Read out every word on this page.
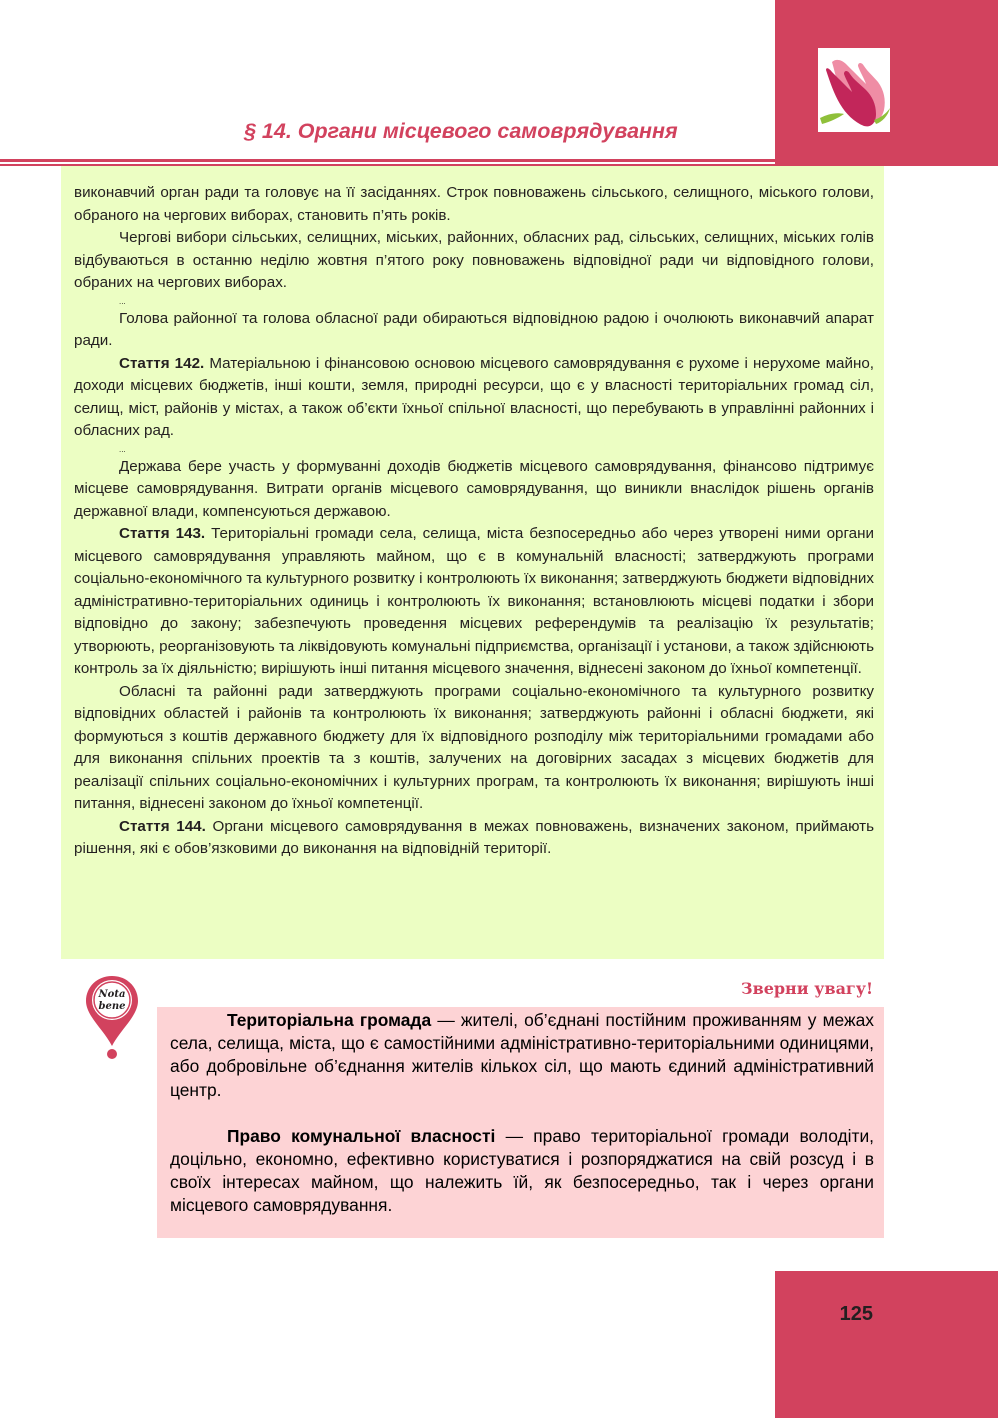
§ 14. Органи місцевого самоврядування

виконавчий орган ради та головує на її засіданнях. Строк повноважень сільського, селищного, міського голови, обраного на чергових виборах, становить п’ять років.

Чергові вибори сільських, селищних, міських, районних, обласних рад, сільських, селищних, міських голів відбуваються в останню неділю жовтня п’ятого року повноважень відповідної ради чи відповідного голови, обраних на чергових виборах.

...

Голова районної та голова обласної ради обираються відповідною радою і очолюють виконавчий апарат ради.

Стаття 142. Матеріальною і фінансовою основою місцевого самоврядування є рухоме і нерухоме майно, доходи місцевих бюджетів, інші кошти, земля, природні ресурси, що є у власності територіальних громад сіл, селищ, міст, районів у містах, а також об’єкти їхньої спільної власності, що перебувають в управлінні районних і обласних рад.

...

Держава бере участь у формуванні доходів бюджетів місцевого самоврядування, фінансово підтримує місцеве самоврядування. Витрати органів місцевого самоврядування, що виникли внаслідок рішень органів державної влади, компенсуються державою.

Стаття 143. Територіальні громади села, селища, міста безпосередньо або через утворені ними органи місцевого самоврядування управляють майном, що є в комунальній власності; затверджують програми соціально-економічного та культурного розвитку і контролюють їх виконання; затверджують бюджети відповідних адміністративно-територіальних одиниць і контролюють їх виконання; встановлюють місцеві податки і збори відповідно до закону; забезпечують проведення місцевих референдумів та реалізацію їх результатів; утворюють, реорганізовують та ліквідовують комунальні підприємства, організації і установи, а також здійснюють контроль за їх діяльністю; вирішують інші питання місцевого значення, віднесені законом до їхньої компетенції.

Обласні та районні ради затверджують програми соціально-економічного та культурного розвитку відповідних областей і районів та контролюють їх виконання; затверджують районні і обласні бюджети, які формуються з коштів державного бюджету для їх відповідного розподілу між територіальними громадами або для виконання спільних проектів та з коштів, залучених на договірних засадах з місцевих бюджетів для реалізації спільних соціально-економічних і культурних програм, та контролюють їх виконання; вирішують інші питання, віднесені законом до їхньої компетенції.

Стаття 144. Органи місцевого самоврядування в межах повноважень, визначених законом, приймають рішення, які є обов’язковими до виконання на відповідній території.

Nota
bene
Зверни увагу!

Територіальна громада — жителі, об’єднані постійним проживанням у межах села, селища, міста, що є самостійними адміністративно-територіальними одиницями, або добровільне об’єднання жителів кількох сіл, що мають єдиний адміністративний центр.

Право комунальної власності — право територіальної громади володіти, доцільно, економно, ефективно користуватися і розпоряджатися на свій розсуд і в своїх інтересах майном, що належить їй, як безпосередньо, так і через органи місцевого самоврядування.

125
